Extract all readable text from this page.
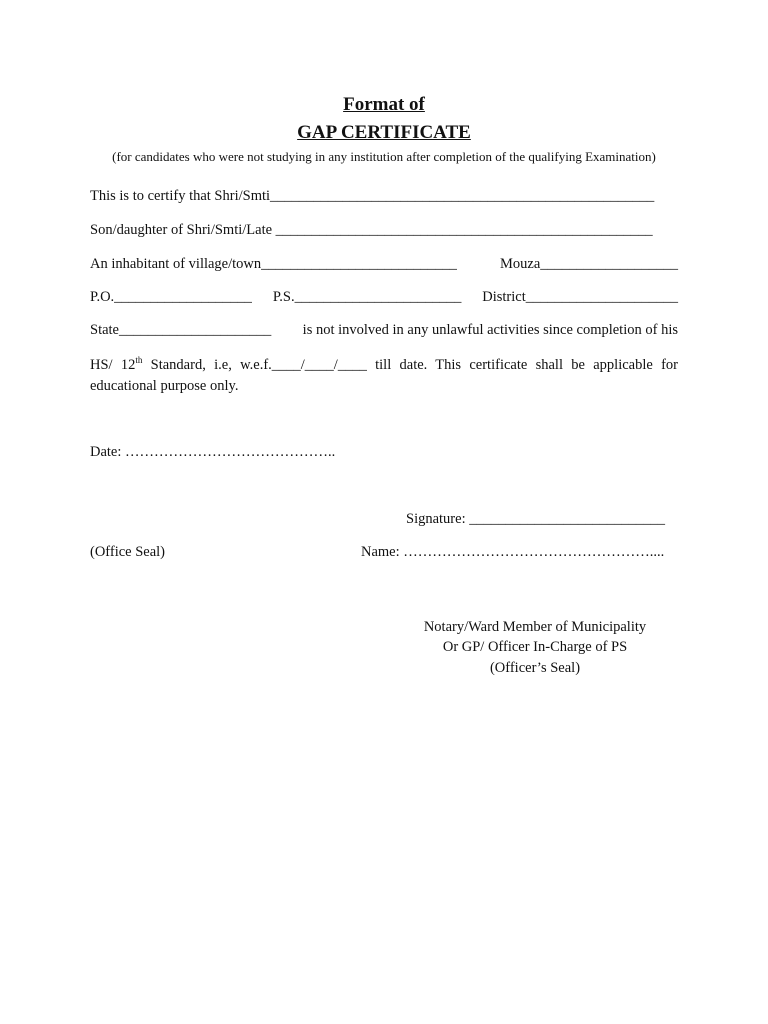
Format of
GAP CERTIFICATE
(for candidates who were not studying in any institution after completion of the qualifying Examination)
This is to certify that Shri/Smti_____________________________________________________
Son/daughter of Shri/Smti/Late ____________________________________________________
An inhabitant of village/town___________________________	Mouza___________________
P.O.___________________ P.S._______________________ District_____________________
State_____________________ is not involved in any unlawful activities since completion of his
HS/ 12th Standard, i.e, w.e.f.____/____/____ till date. This certificate shall be applicable for educational purpose only.
Date: ……………………………………..
Signature: ___________________________
(Office Seal)	Name: ……………………………………………....
Notary/Ward Member of Municipality
Or GP/ Officer In-Charge of PS
(Officer’s Seal)
